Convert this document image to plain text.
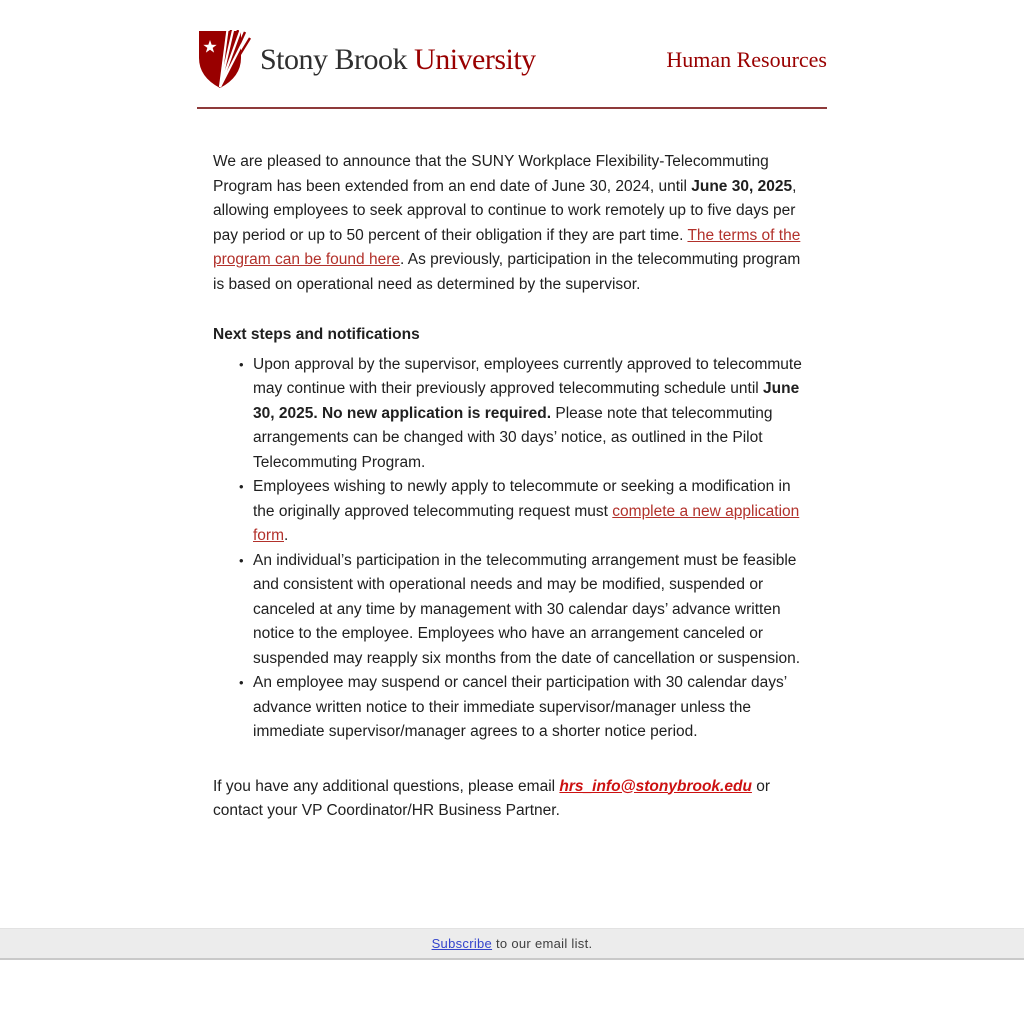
Stony Brook University	Human Resources

We are pleased to announce that the SUNY Workplace Flexibility-Telecommuting Program has been extended from an end date of June 30, 2024, until June 30, 2025, allowing employees to seek approval to continue to work remotely up to five days per pay period or up to 50 percent of their obligation if they are part time. The terms of the program can be found here. As previously, participation in the telecommuting program is based on operational need as determined by the supervisor.

Next steps and notifications

• Upon approval by the supervisor, employees currently approved to telecommute may continue with their previously approved telecommuting schedule until June 30, 2025. No new application is required. Please note that telecommuting arrangements can be changed with 30 days’ notice, as outlined in the Pilot Telecommuting Program.
• Employees wishing to newly apply to telecommute or seeking a modification in the originally approved telecommuting request must complete a new application form.
• An individual’s participation in the telecommuting arrangement must be feasible and consistent with operational needs and may be modified, suspended or canceled at any time by management with 30 calendar days’ advance written notice to the employee. Employees who have an arrangement canceled or suspended may reapply six months from the date of cancellation or suspension.
• An employee may suspend or cancel their participation with 30 calendar days’ advance written notice to their immediate supervisor/manager unless the immediate supervisor/manager agrees to a shorter notice period.

If you have any additional questions, please email hrs_info@stonybrook.edu or contact your VP Coordinator/HR Business Partner.

Subscribe to our email list.
